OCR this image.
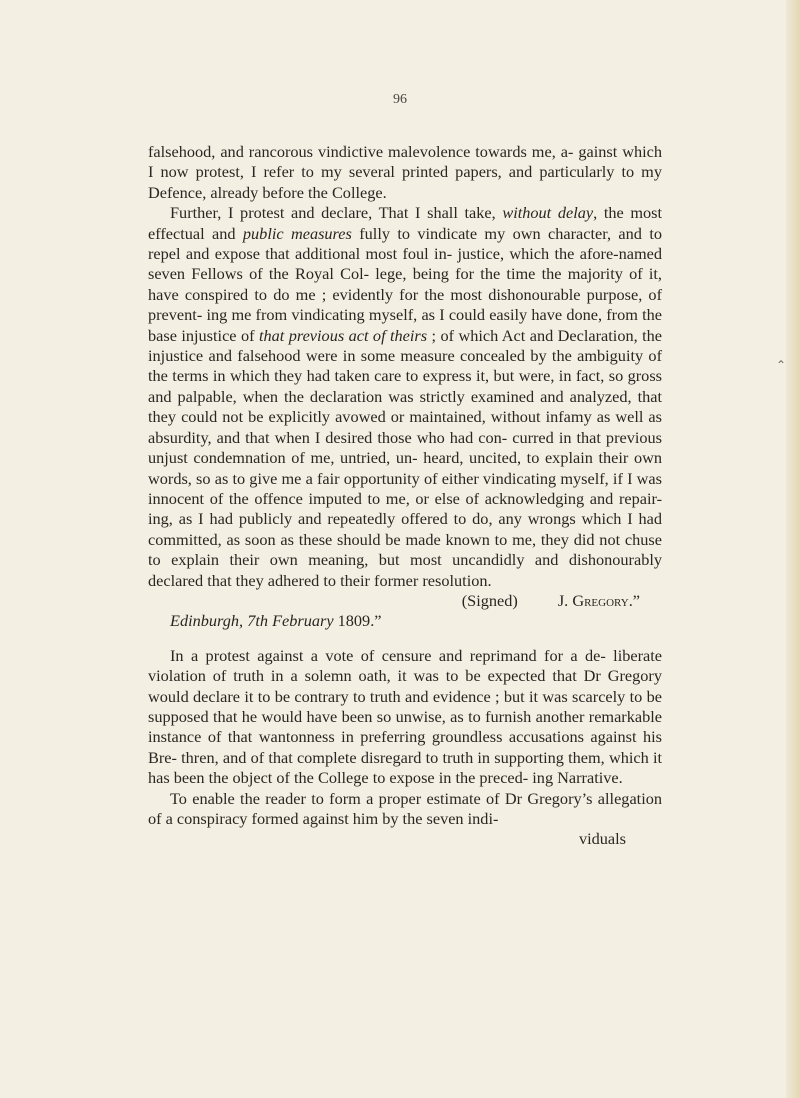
96

falsehood, and rancorous vindictive malevolence towards me, a- gainst which I now protest, I refer to my several printed papers, and particularly to my Defence, already before the College.

Further, I protest and declare, That I shall take, without delay, the most effectual and public measures fully to vindicate my own character, and to repel and expose that additional most foul in- justice, which the afore-named seven Fellows of the Royal Col- lege, being for the time the majority of it, have conspired to do me ; evidently for the most dishonourable purpose, of prevent- ing me from vindicating myself, as I could easily have done, from the base injustice of that previous act of theirs ; of which Act and Declaration, the injustice and falsehood were in some measure concealed by the ambiguity of the terms in which they had taken care to express it, but were, in fact, so gross and palpable, when the declaration was strictly examined and analyzed, that they could not be explicitly avowed or maintained, without infamy as well as absurdity, and that when I desired those who had con- curred in that previous unjust condemnation of me, untried, un- heard, uncited, to explain their own words, so as to give me a fair opportunity of either vindicating myself, if I was innocent of the offence imputed to me, or else of acknowledging and repair- ing, as I had publicly and repeatedly offered to do, any wrongs which I had committed, as soon as these should be made known to me, they did not chuse to explain their own meaning, but most uncandidly and dishonourably declared that they adhered to their former resolution.

(Signed) J. Gregory.”

Edinburgh, 7th February 1809.”

In a protest against a vote of censure and reprimand for a de- liberate violation of truth in a solemn oath, it was to be expected that Dr Gregory would declare it to be contrary to truth and evidence ; but it was scarcely to be supposed that he would have been so unwise, as to furnish another remarkable instance of that wantonness in preferring groundless accusations against his Bre- thren, and of that complete disregard to truth in supporting them, which it has been the object of the College to expose in the preced- ing Narrative.

To enable the reader to form a proper estimate of Dr Gregory’s allegation of a conspiracy formed against him by the seven indi-

viduals

⌃
